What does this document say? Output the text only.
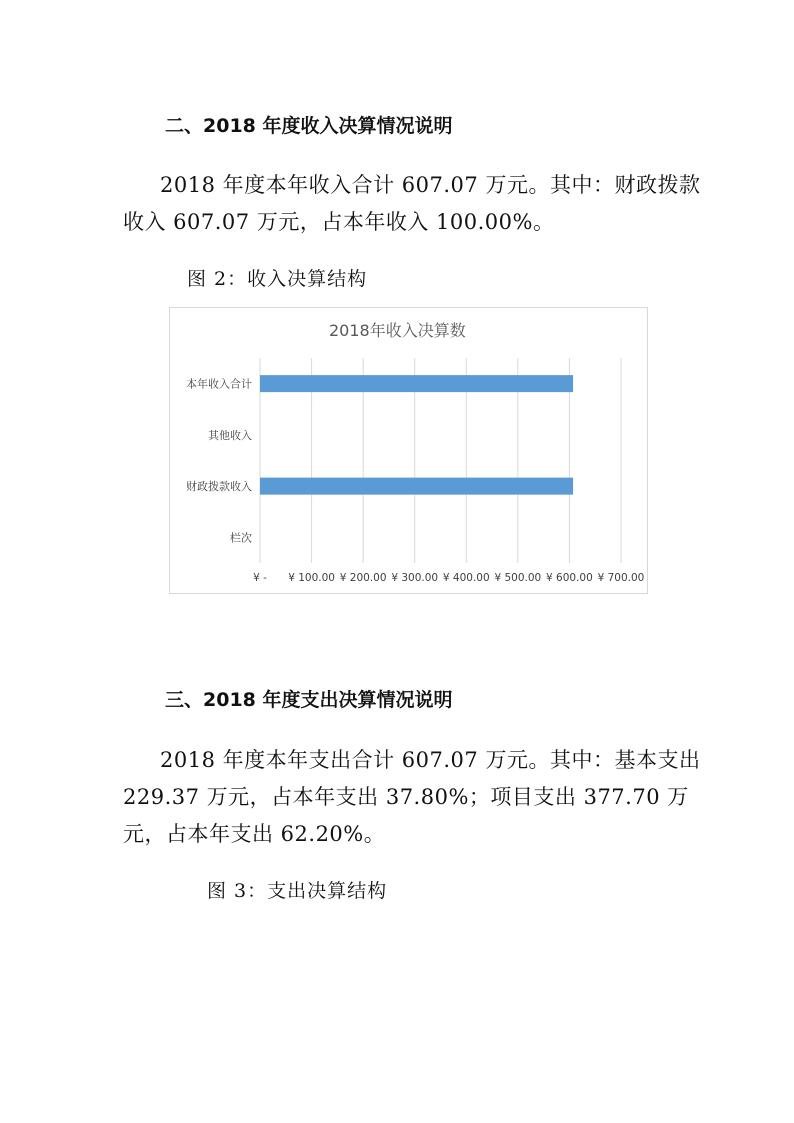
二、2018 年度收入决算情况说明

2018 年度本年收入合计 607.07 万元。其中：财政拨款

收入 607.07 万元，占本年收入 100.00%。

图 2：收入决算结构

2018年收入决算数
本年收入合计
其他收入
财政拨款收入
栏次
¥ - ¥ 100.00 ¥ 200.00 ¥ 300.00 ¥ 400.00 ¥ 500.00 ¥ 600.00 ¥ 700.00
三、2018 年度支出决算情况说明

2018 年度本年支出合计 607.07 万元。其中：基本支出

229.37 万元，占本年支出 37.80%；项目支出 377.70 万

元，占本年支出 62.20%。

图 3：支出决算结构
